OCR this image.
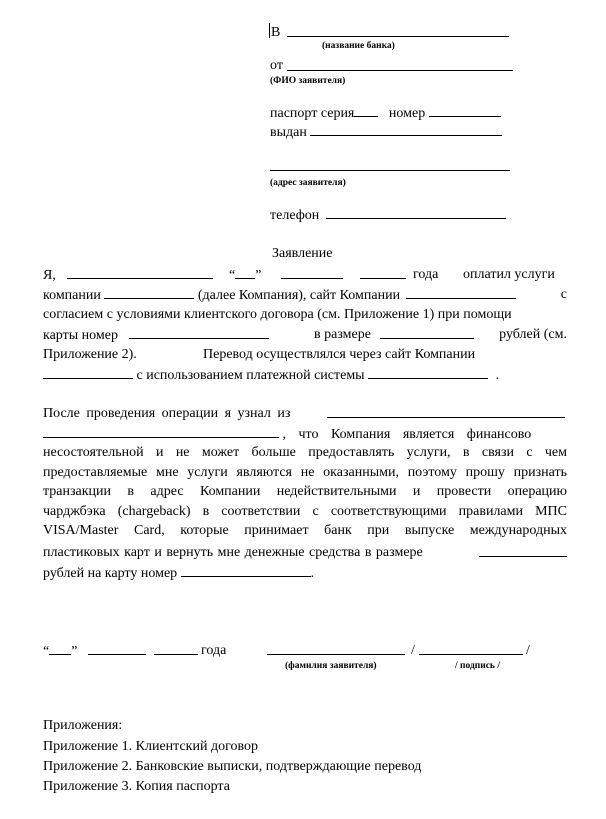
В
(название банка)
от
(ФИО заявителя)
паспорт серия номер
выдан
(адрес заявителя)
телефон
Заявление
Я,	“ ”	года оплатил услуги
компании	(далее Компания), сайт Компании	с
согласием с условиями клиентского договора (см. Приложение 1) при помощи
карты номер	в размере	рублей (см.
Приложение 2).	Перевод осуществлялся через сайт Компании
с использованием платежной системы	.
После проведения операции я узнал из
, что Компания является финансово
несостоятельной и не может больше предоставлять услуги, в связи с чем
предоставляемые мне услуги являются не оказанными, поэтому прошу признать
транзакции в адрес Компании недействительными и провести операцию
чарджбэка (chargeback) в соответствии с соответствующими правилами МПС
VISA/Master Card, которые принимает банк при выпуске международных
пластиковых карт и вернуть мне денежные средства в размере
рублей на карту номер	.
“ ”	года	/	/
(фамилия заявителя)	/ подпись /
Приложения:
Приложение 1. Клиентский договор
Приложение 2. Банковские выписки, подтверждающие перевод
Приложение 3. Копия паспорта
